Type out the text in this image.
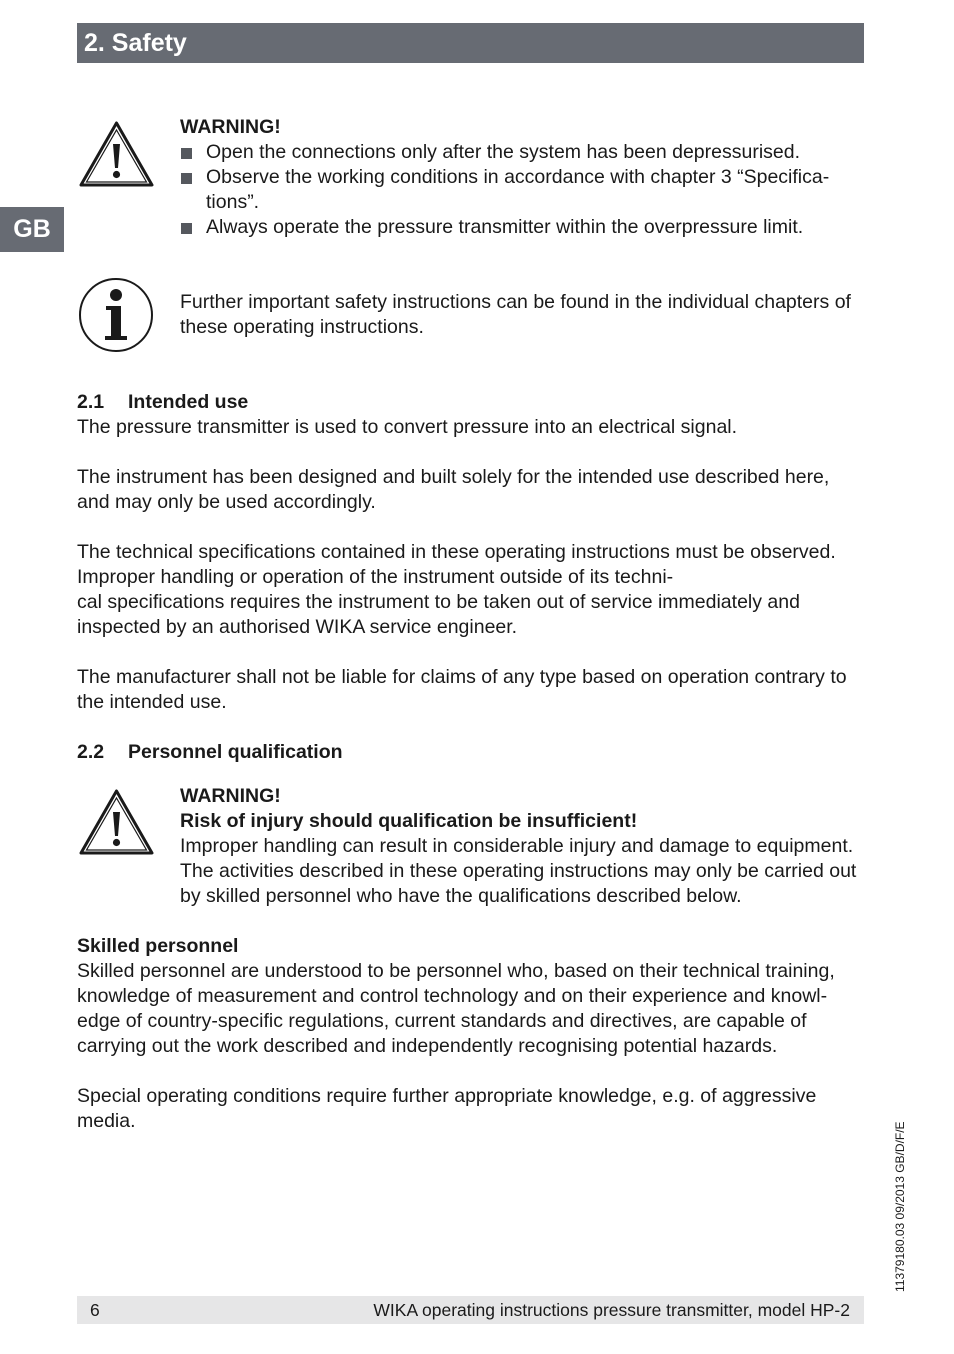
2. Safety
GB
WARNING!
Open the connections only after the system has been depressurised.
Observe the working conditions in accordance with chapter 3 “Specifica-
tions”.
Always operate the pressure transmitter within the overpressure limit.
Further important safety instructions can be found in the individual chapters of these operating instructions.
2.1 Intended use

The pressure transmitter is used to convert pressure into an electrical signal.

The instrument has been designed and built solely for the intended use described here, and may only be used accordingly.

The technical specifications contained in these operating instructions must be observed. Improper handling or operation of the instrument outside of its techni-
cal specifications requires the instrument to be taken out of service immediately and inspected by an authorised WIKA service engineer.

The manufacturer shall not be liable for claims of any type based on operation contrary to the intended use.

2.2 Personnel qualification
WARNING!
Risk of injury should qualification be insufficient!
Improper handling can result in considerable injury and damage to equipment. The activities described in these operating instructions may only be carried out by skilled personnel who have the qualifications described below.
Skilled personnel

Skilled personnel are understood to be personnel who, based on their technical training, knowledge of measurement and control technology and on their experience and knowl-
edge of country-specific regulations, current standards and directives, are capable of carrying out the work described and independently recognising potential hazards.

Special operating conditions require further appropriate knowledge, e.g. of aggressive media.

11379180.03 09/2013 GB/D/F/E
6	WIKA operating instructions pressure transmitter, model HP-2
